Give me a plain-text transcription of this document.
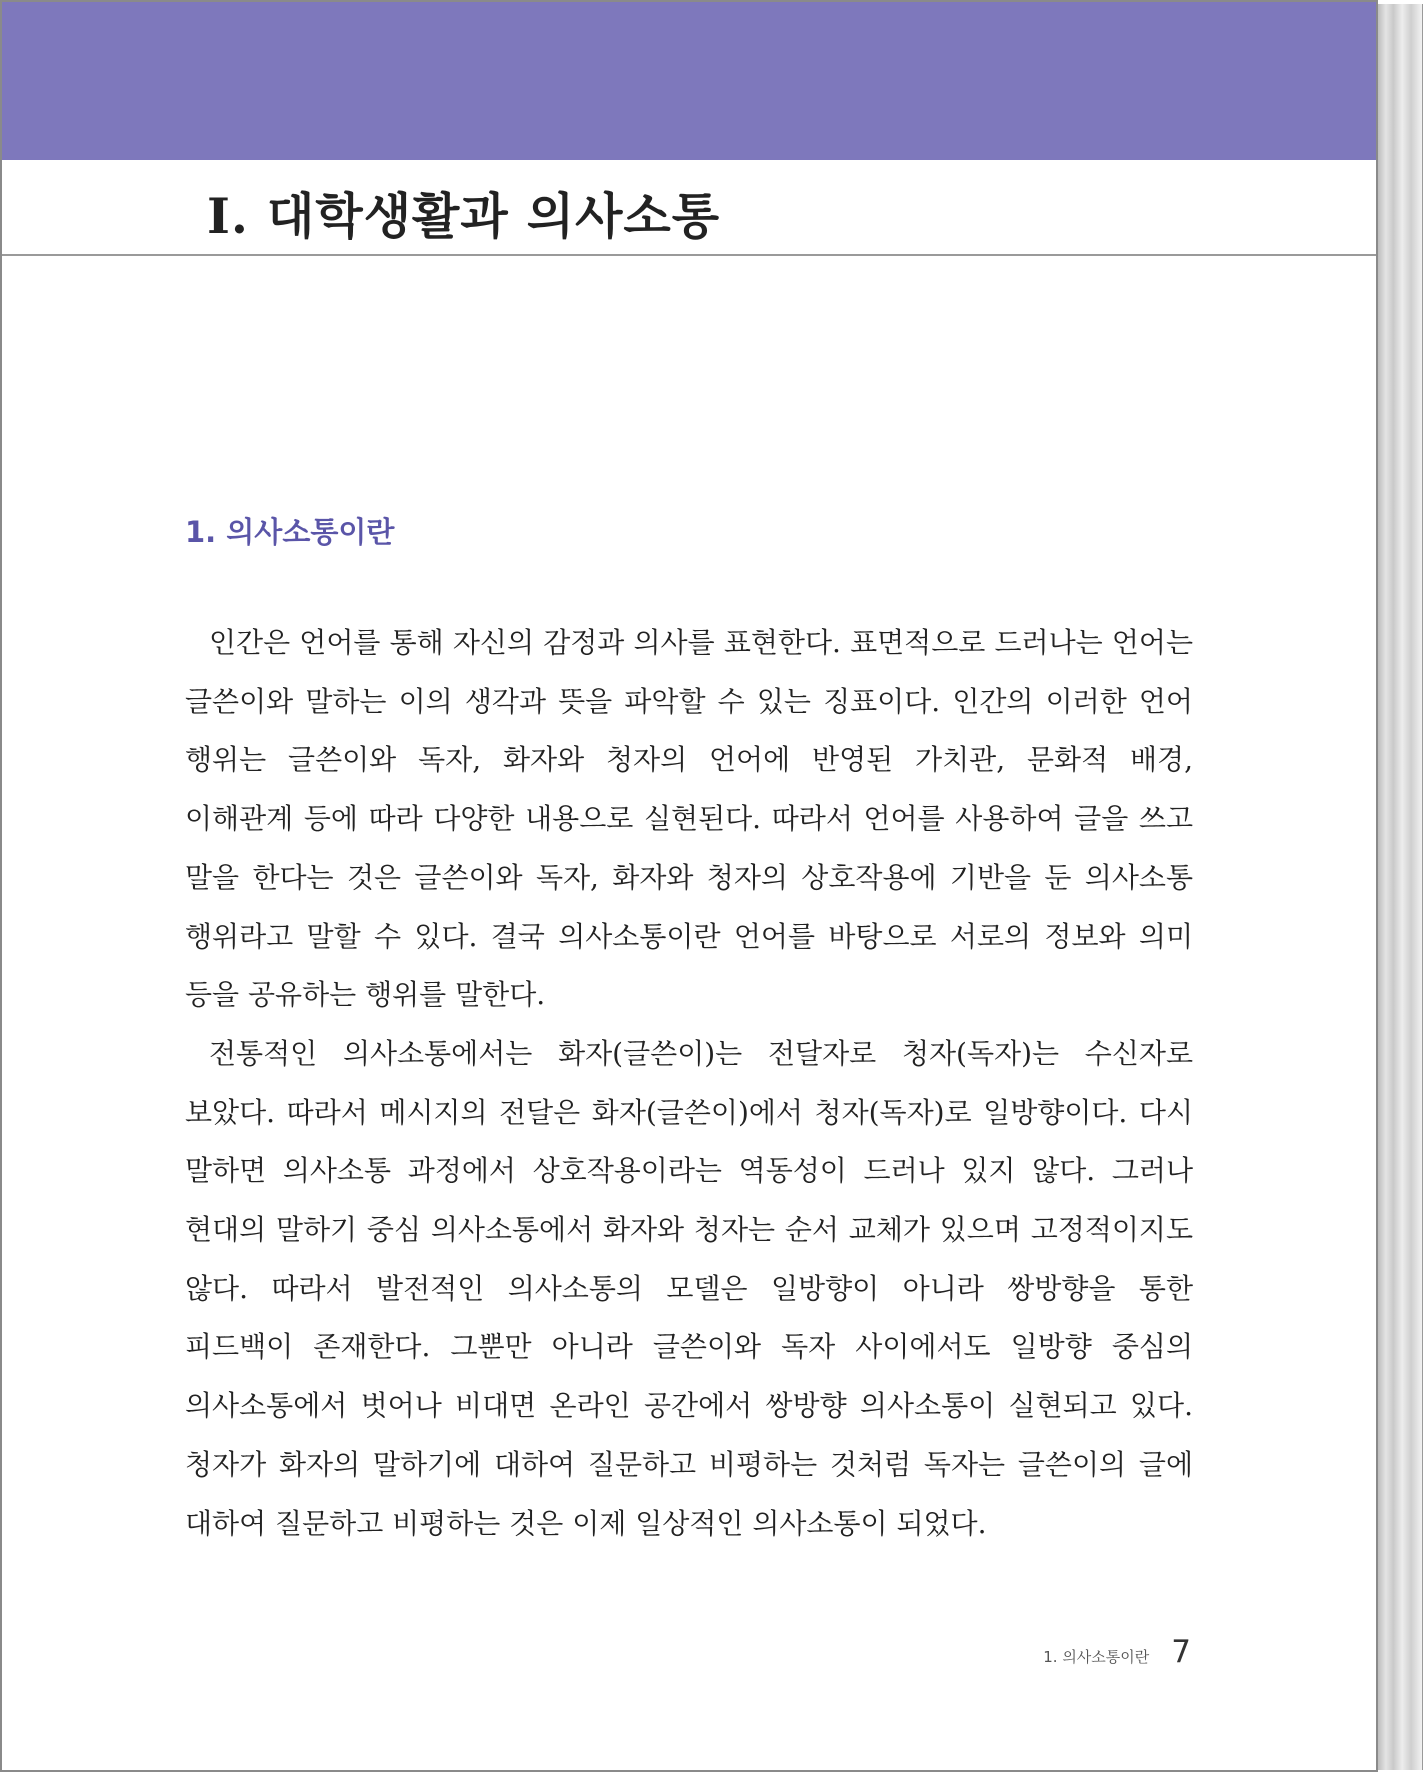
I. 대학생활과 의사소통
1. 의사소통이란

인간은 언어를 통해 자신의 감정과 의사를 표현한다. 표면적으로 드러나는 언어는 글쓴이와 말하는 이의 생각과 뜻을 파악할 수 있는 징표이다. 인간의 이러한 언어 행위는 글쓴이와 독자, 화자와 청자의 언어에 반영된 가치관, 문화적 배경, 이해관계 등에 따라 다양한 내용으로 실현된다. 따라서 언어를 사용하여 글을 쓰고 말을 한다는 것은 글쓴이와 독자, 화자와 청자의 상호작용에 기반을 둔 의사소통 행위라고 말할 수 있다. 결국 의사소통이란 언어를 바탕으로 서로의 정보와 의미 등을 공유하는 행위를 말한다.

전통적인 의사소통에서는 화자(글쓴이)는 전달자로 청자(독자)는 수신자로 보았다. 따라서 메시지의 전달은 화자(글쓴이)에서 청자(독자)로 일방향이다. 다시 말하면 의사소통 과정에서 상호작용이라는 역동성이 드러나 있지 않다. 그러나 현대의 말하기 중심 의사소통에서 화자와 청자는 순서 교체가 있으며 고정적이지도 않다. 따라서 발전적인 의사소통의 모델은 일방향이 아니라 쌍방향을 통한 피드백이 존재한다. 그뿐만 아니라 글쓴이와 독자 사이에서도 일방향 중심의 의사소통에서 벗어나 비대면 온라인 공간에서 쌍방향 의사소통이 실현되고 있다. 청자가 화자의 말하기에 대하여 질문하고 비평하는 것처럼 독자는 글쓴이의 글에 대하여 질문하고 비평하는 것은 이제 일상적인 의사소통이 되었다.

1. 의사소통이란 7
